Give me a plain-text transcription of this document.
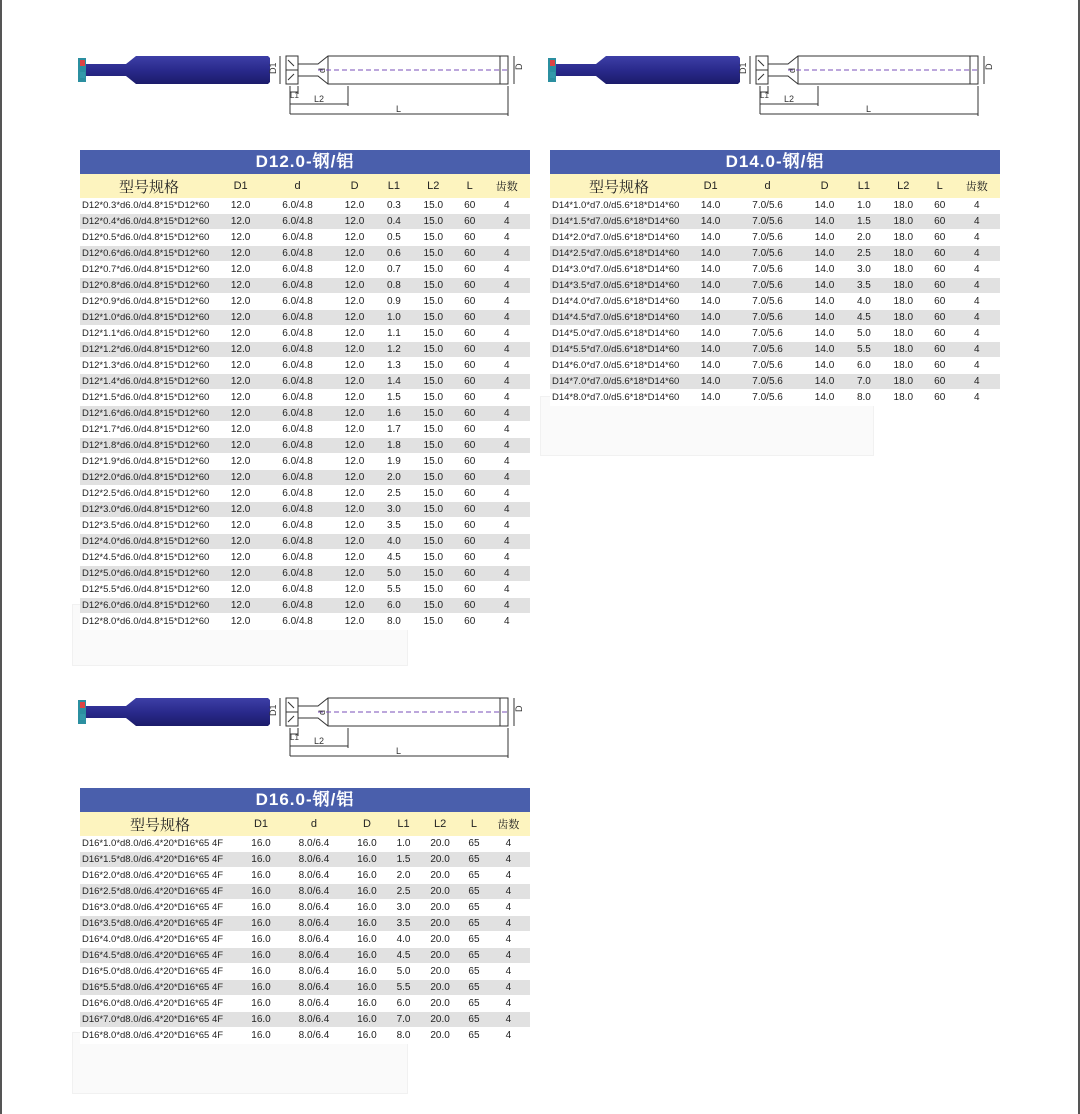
D1
L1 L2
L
d
D	D1
L1 L2
L
d
D
D1
L1 L2
L
d
D
D12.0-钢/铝
型号规格	D1	d	D	L1	L2	L	齿数
D12*0.3*d6.0/d4.8*15*D12*60	12.0	6.0/4.8	12.0	0.3	15.0	60	4
D12*0.4*d6.0/d4.8*15*D12*60	12.0	6.0/4.8	12.0	0.4	15.0	60	4
D12*0.5*d6.0/d4.8*15*D12*60	12.0	6.0/4.8	12.0	0.5	15.0	60	4
D12*0.6*d6.0/d4.8*15*D12*60	12.0	6.0/4.8	12.0	0.6	15.0	60	4
D12*0.7*d6.0/d4.8*15*D12*60	12.0	6.0/4.8	12.0	0.7	15.0	60	4
D12*0.8*d6.0/d4.8*15*D12*60	12.0	6.0/4.8	12.0	0.8	15.0	60	4
D12*0.9*d6.0/d4.8*15*D12*60	12.0	6.0/4.8	12.0	0.9	15.0	60	4
D12*1.0*d6.0/d4.8*15*D12*60	12.0	6.0/4.8	12.0	1.0	15.0	60	4
D12*1.1*d6.0/d4.8*15*D12*60	12.0	6.0/4.8	12.0	1.1	15.0	60	4
D12*1.2*d6.0/d4.8*15*D12*60	12.0	6.0/4.8	12.0	1.2	15.0	60	4
D12*1.3*d6.0/d4.8*15*D12*60	12.0	6.0/4.8	12.0	1.3	15.0	60	4
D12*1.4*d6.0/d4.8*15*D12*60	12.0	6.0/4.8	12.0	1.4	15.0	60	4
D12*1.5*d6.0/d4.8*15*D12*60	12.0	6.0/4.8	12.0	1.5	15.0	60	4
D12*1.6*d6.0/d4.8*15*D12*60	12.0	6.0/4.8	12.0	1.6	15.0	60	4
D12*1.7*d6.0/d4.8*15*D12*60	12.0	6.0/4.8	12.0	1.7	15.0	60	4
D12*1.8*d6.0/d4.8*15*D12*60	12.0	6.0/4.8	12.0	1.8	15.0	60	4
D12*1.9*d6.0/d4.8*15*D12*60	12.0	6.0/4.8	12.0	1.9	15.0	60	4
D12*2.0*d6.0/d4.8*15*D12*60	12.0	6.0/4.8	12.0	2.0	15.0	60	4
D12*2.5*d6.0/d4.8*15*D12*60	12.0	6.0/4.8	12.0	2.5	15.0	60	4
D12*3.0*d6.0/d4.8*15*D12*60	12.0	6.0/4.8	12.0	3.0	15.0	60	4
D12*3.5*d6.0/d4.8*15*D12*60	12.0	6.0/4.8	12.0	3.5	15.0	60	4
D12*4.0*d6.0/d4.8*15*D12*60	12.0	6.0/4.8	12.0	4.0	15.0	60	4
D12*4.5*d6.0/d4.8*15*D12*60	12.0	6.0/4.8	12.0	4.5	15.0	60	4
D12*5.0*d6.0/d4.8*15*D12*60	12.0	6.0/4.8	12.0	5.0	15.0	60	4
D12*5.5*d6.0/d4.8*15*D12*60	12.0	6.0/4.8	12.0	5.5	15.0	60	4
D12*6.0*d6.0/d4.8*15*D12*60	12.0	6.0/4.8	12.0	6.0	15.0	60	4
D12*8.0*d6.0/d4.8*15*D12*60	12.0	6.0/4.8	12.0	8.0	15.0	60	4
D14.0-钢/铝
型号规格	D1	d	D	L1	L2	L	齿数
D14*1.0*d7.0/d5.6*18*D14*60	14.0	7.0/5.6	14.0	1.0	18.0	60	4
D14*1.5*d7.0/d5.6*18*D14*60	14.0	7.0/5.6	14.0	1.5	18.0	60	4
D14*2.0*d7.0/d5.6*18*D14*60	14.0	7.0/5.6	14.0	2.0	18.0	60	4
D14*2.5*d7.0/d5.6*18*D14*60	14.0	7.0/5.6	14.0	2.5	18.0	60	4
D14*3.0*d7.0/d5.6*18*D14*60	14.0	7.0/5.6	14.0	3.0	18.0	60	4
D14*3.5*d7.0/d5.6*18*D14*60	14.0	7.0/5.6	14.0	3.5	18.0	60	4
D14*4.0*d7.0/d5.6*18*D14*60	14.0	7.0/5.6	14.0	4.0	18.0	60	4
D14*4.5*d7.0/d5.6*18*D14*60	14.0	7.0/5.6	14.0	4.5	18.0	60	4
D14*5.0*d7.0/d5.6*18*D14*60	14.0	7.0/5.6	14.0	5.0	18.0	60	4
D14*5.5*d7.0/d5.6*18*D14*60	14.0	7.0/5.6	14.0	5.5	18.0	60	4
D14*6.0*d7.0/d5.6*18*D14*60	14.0	7.0/5.6	14.0	6.0	18.0	60	4
D14*7.0*d7.0/d5.6*18*D14*60	14.0	7.0/5.6	14.0	7.0	18.0	60	4
D14*8.0*d7.0/d5.6*18*D14*60	14.0	7.0/5.6	14.0	8.0	18.0	60	4
D16.0-钢/铝
型号规格	D1	d	D	L1	L2	L	齿数
D16*1.0*d8.0/d6.4*20*D16*65 4F	16.0	8.0/6.4	16.0	1.0	20.0	65	4
D16*1.5*d8.0/d6.4*20*D16*65 4F	16.0	8.0/6.4	16.0	1.5	20.0	65	4
D16*2.0*d8.0/d6.4*20*D16*65 4F	16.0	8.0/6.4	16.0	2.0	20.0	65	4
D16*2.5*d8.0/d6.4*20*D16*65 4F	16.0	8.0/6.4	16.0	2.5	20.0	65	4
D16*3.0*d8.0/d6.4*20*D16*65 4F	16.0	8.0/6.4	16.0	3.0	20.0	65	4
D16*3.5*d8.0/d6.4*20*D16*65 4F	16.0	8.0/6.4	16.0	3.5	20.0	65	4
D16*4.0*d8.0/d6.4*20*D16*65 4F	16.0	8.0/6.4	16.0	4.0	20.0	65	4
D16*4.5*d8.0/d6.4*20*D16*65 4F	16.0	8.0/6.4	16.0	4.5	20.0	65	4
D16*5.0*d8.0/d6.4*20*D16*65 4F	16.0	8.0/6.4	16.0	5.0	20.0	65	4
D16*5.5*d8.0/d6.4*20*D16*65 4F	16.0	8.0/6.4	16.0	5.5	20.0	65	4
D16*6.0*d8.0/d6.4*20*D16*65 4F	16.0	8.0/6.4	16.0	6.0	20.0	65	4
D16*7.0*d8.0/d6.4*20*D16*65 4F	16.0	8.0/6.4	16.0	7.0	20.0	65	4
D16*8.0*d8.0/d6.4*20*D16*65 4F	16.0	8.0/6.4	16.0	8.0	20.0	65	4
